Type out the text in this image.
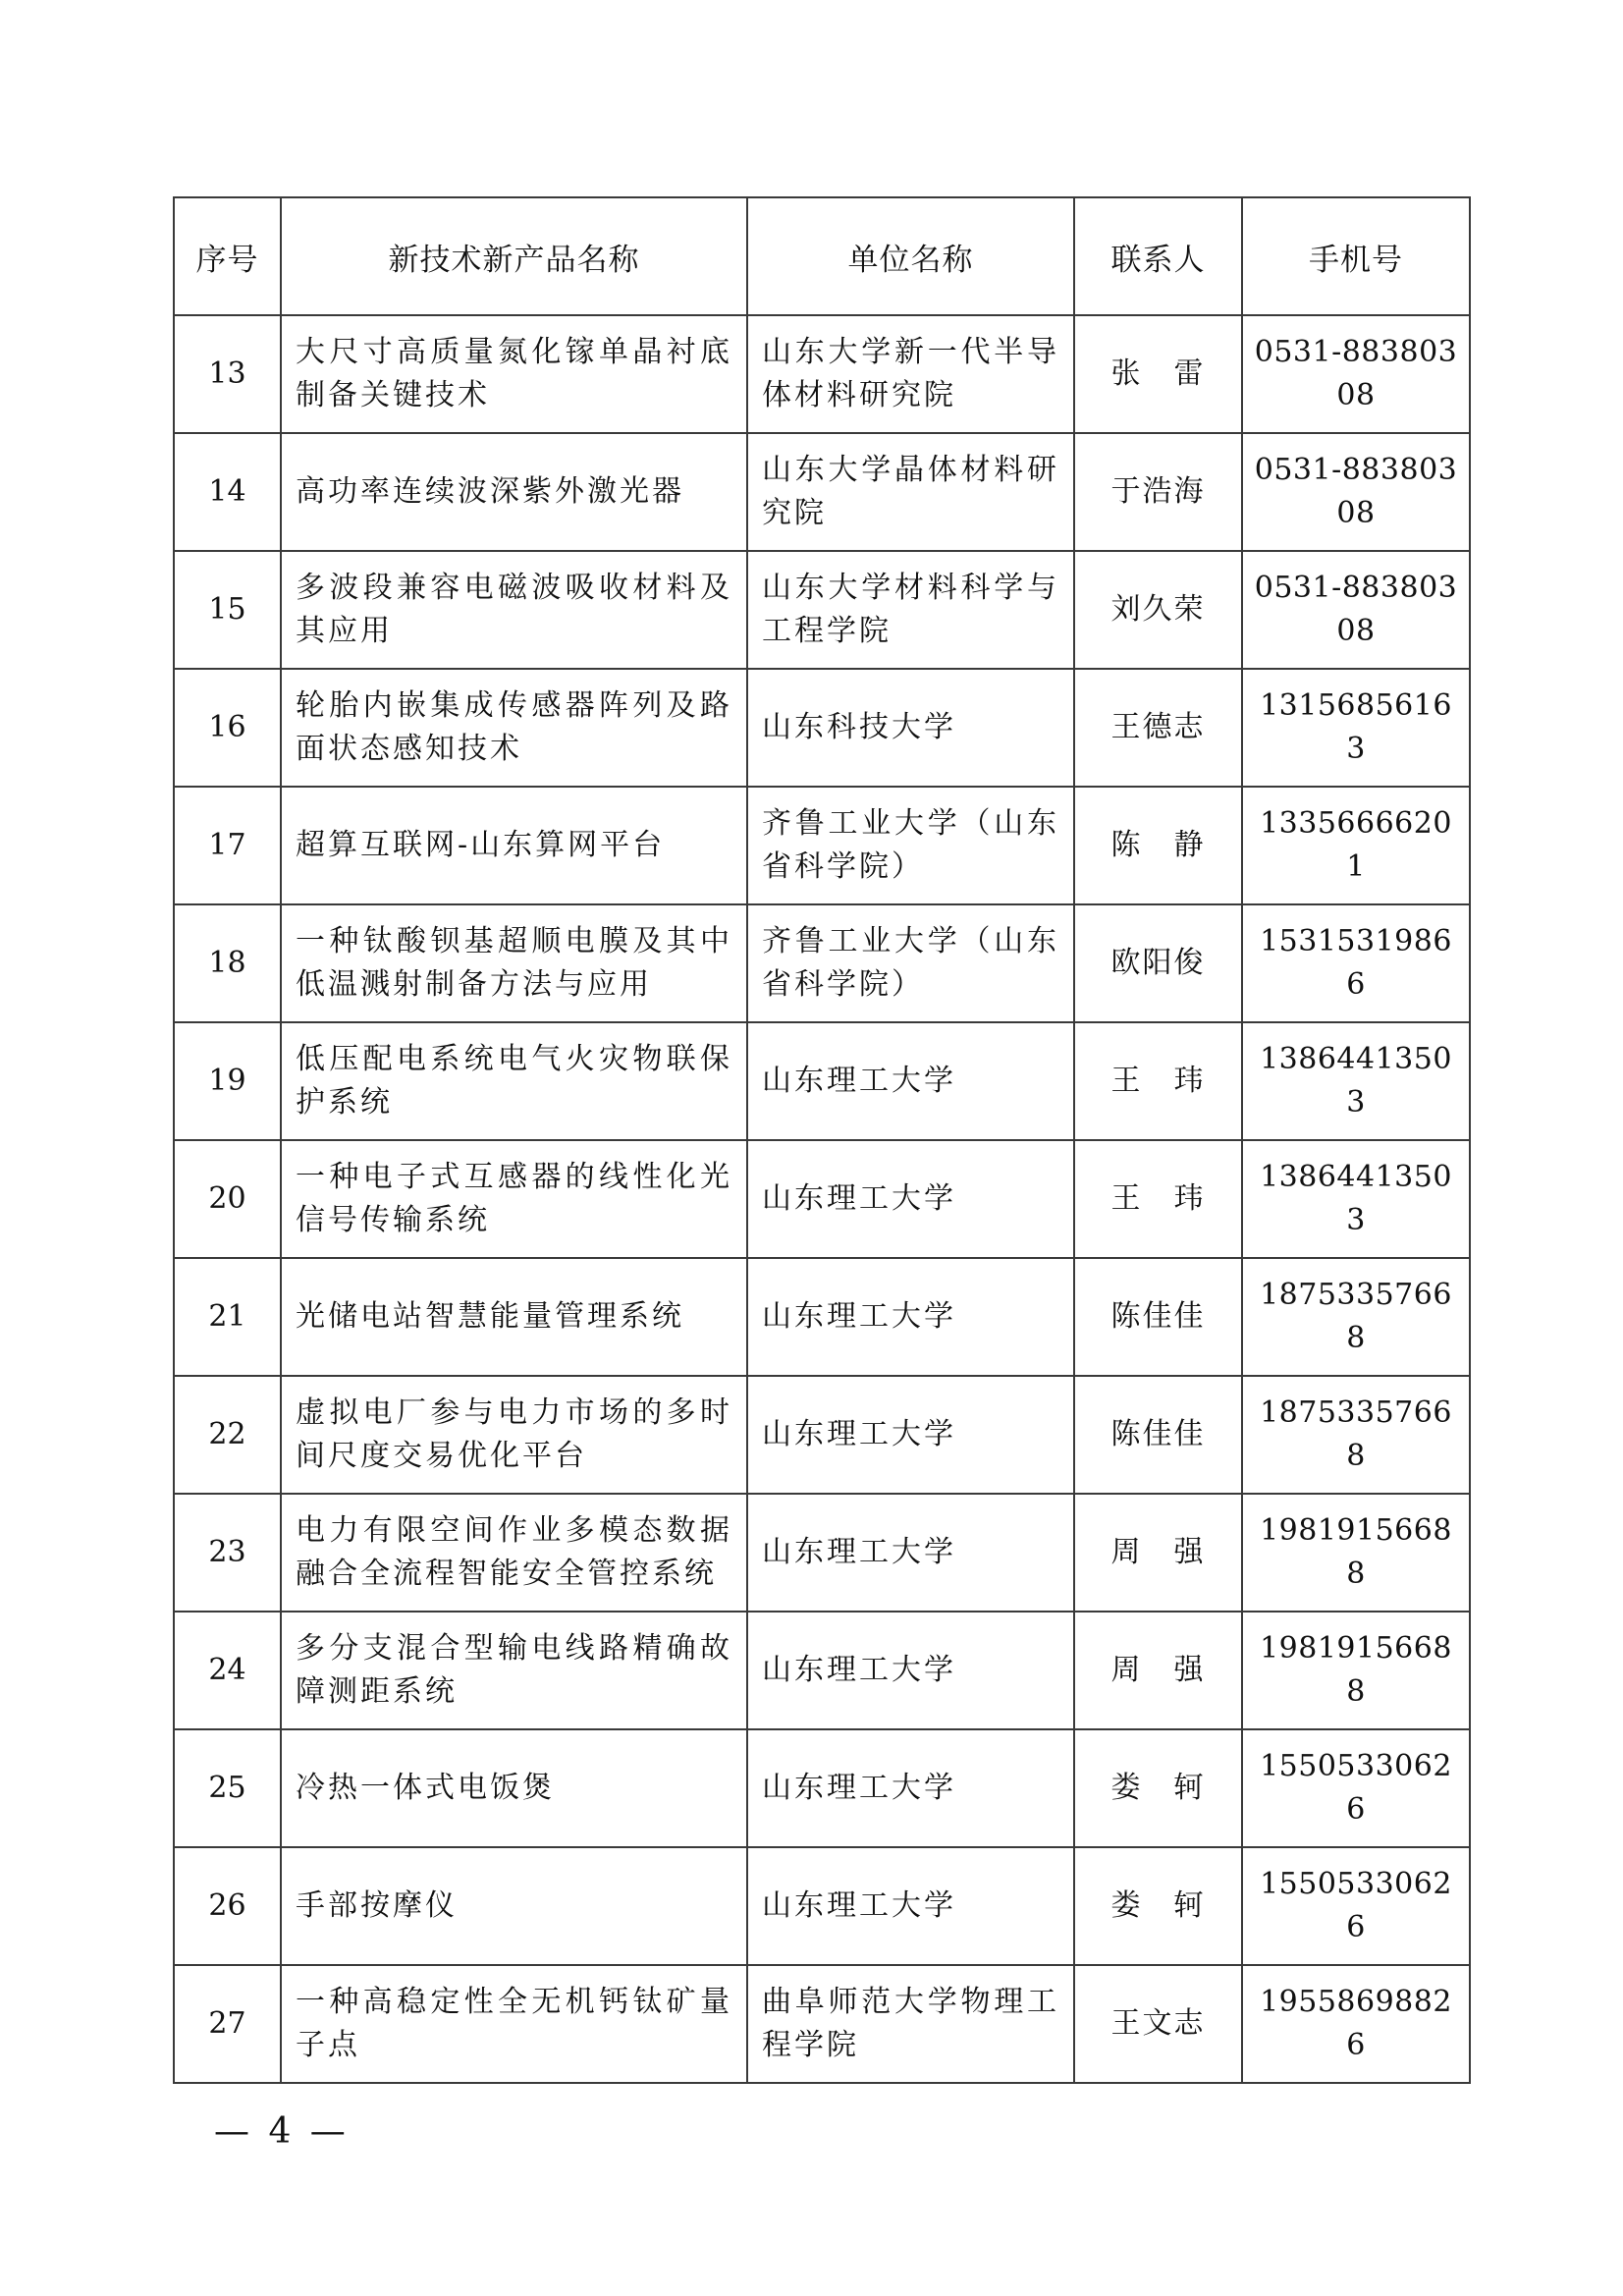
序号	新技术新产品名称	单位名称	联系人	手机号
13	大尺寸高质量氮化镓单晶衬底制备关键技术	山东大学新一代半导体材料研究院	张　雷	0531-88380308
14	高功率连续波深紫外激光器	山东大学晶体材料研究院	于浩海	0531-88380308
15	多波段兼容电磁波吸收材料及其应用	山东大学材料科学与工程学院	刘久荣	0531-88380308
16	轮胎内嵌集成传感器阵列及路面状态感知技术	山东科技大学	王德志	13156856163
17	超算互联网-山东算网平台	齐鲁工业大学（山东省科学院）	陈　静	13356666201
18	一种钛酸钡基超顺电膜及其中低温溅射制备方法与应用	齐鲁工业大学（山东省科学院）	欧阳俊	15315319866
19	低压配电系统电气火灾物联保护系统	山东理工大学	王　玮	13864413503
20	一种电子式互感器的线性化光信号传输系统	山东理工大学	王　玮	13864413503
21	光储电站智慧能量管理系统	山东理工大学	陈佳佳	18753357668
22	虚拟电厂参与电力市场的多时间尺度交易优化平台	山东理工大学	陈佳佳	18753357668
23	电力有限空间作业多模态数据融合全流程智能安全管控系统	山东理工大学	周　强	19819156688
24	多分支混合型输电线路精确故障测距系统	山东理工大学	周　强	19819156688
25	冷热一体式电饭煲	山东理工大学	娄　轲	15505330626
26	手部按摩仪	山东理工大学	娄　轲	15505330626
27	一种高稳定性全无机钙钛矿量子点	曲阜师范大学物理工程学院	王文志	19558698826
— 4 —
